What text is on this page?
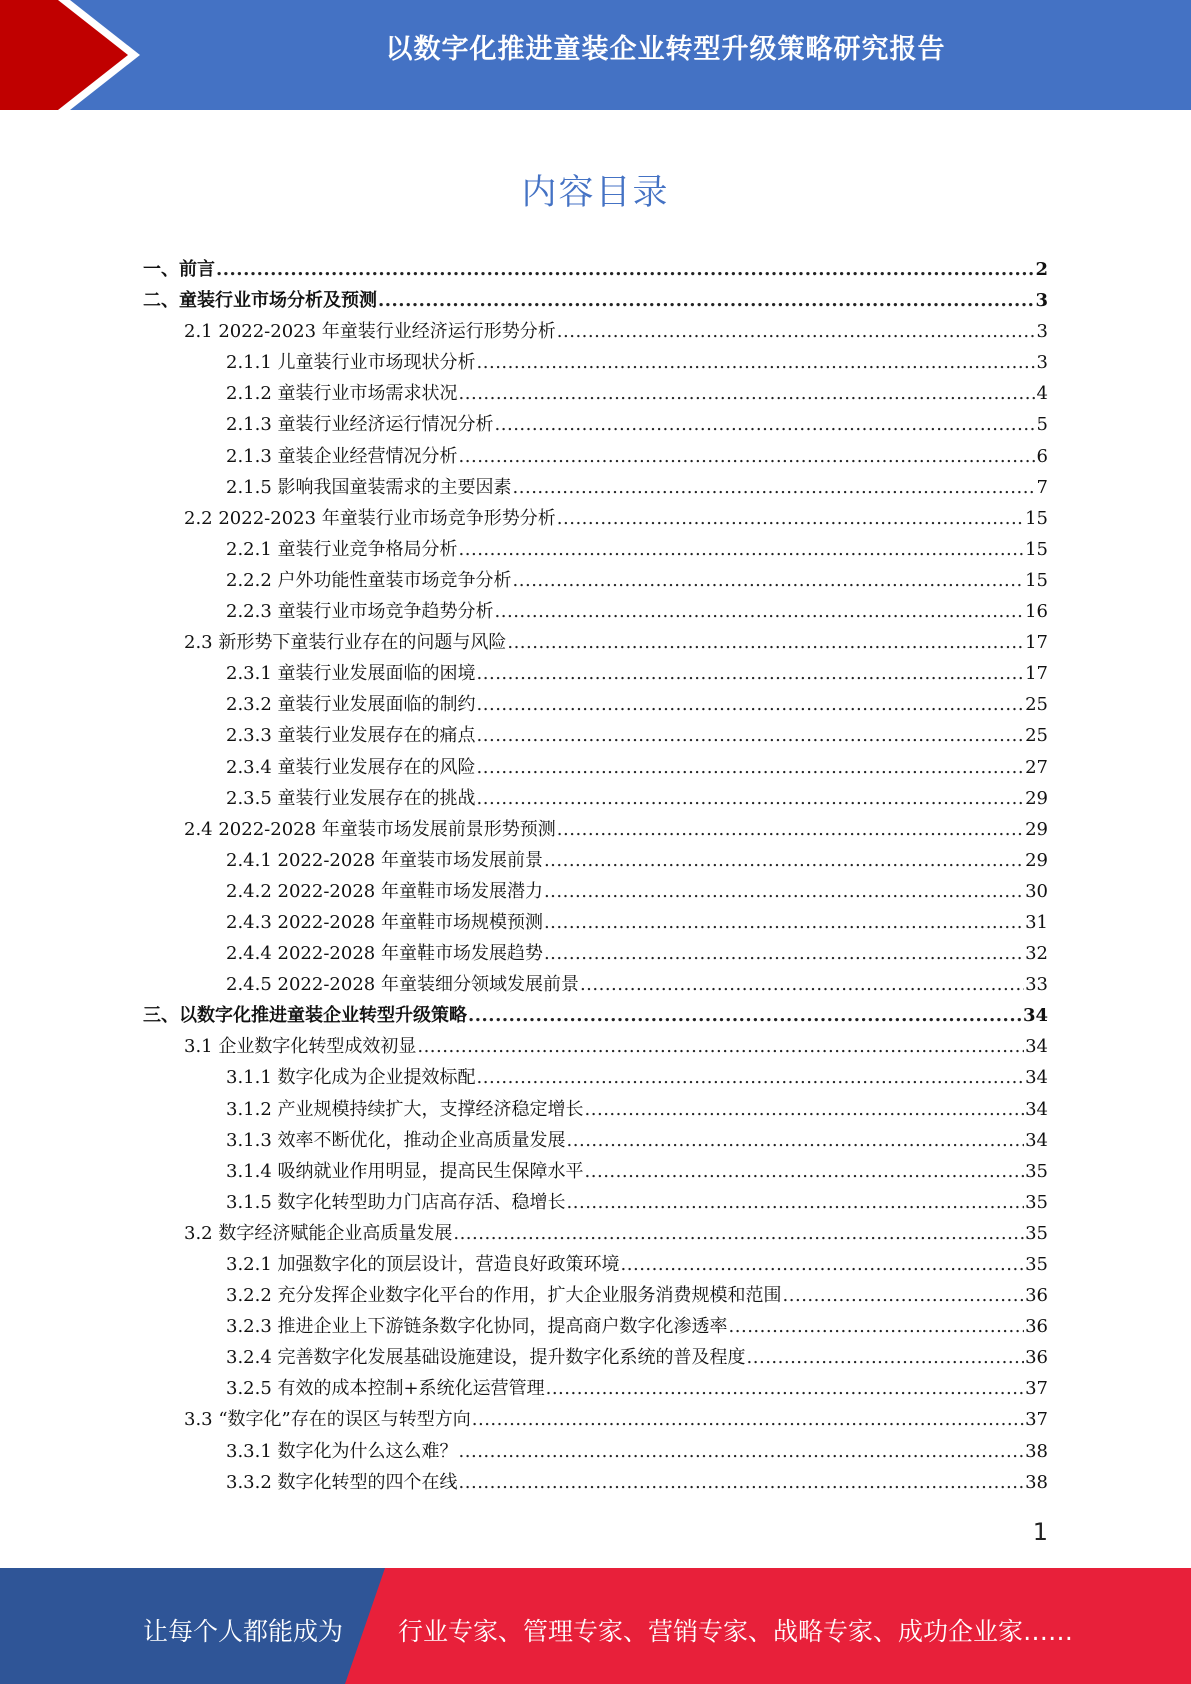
以数字化推进童装企业转型升级策略研究报告
内容目录
一、前言 .....	2
二、童装行业市场分析及预测 .....	3
2.1 2022-2023 年童装行业经济运行形势分析 .....	3
2.1.1 儿童装行业市场现状分析 .....	3
2.1.2 童装行业市场需求状况 .....	4
2.1.3 童装行业经济运行情况分析 .....	5
2.1.3 童装企业经营情况分析 .....	6
2.1.5 影响我国童装需求的主要因素 .....	7
2.2 2022-2023 年童装行业市场竞争形势分析 .....	15
2.2.1 童装行业竞争格局分析 .....	15
2.2.2 户外功能性童装市场竞争分析 .....	15
2.2.3 童装行业市场竞争趋势分析 .....	16
2.3 新形势下童装行业存在的问题与风险 .....	17
2.3.1 童装行业发展面临的困境 .....	17
2.3.2 童装行业发展面临的制约 .....	25
2.3.3 童装行业发展存在的痛点 .....	25
2.3.4 童装行业发展存在的风险 .....	27
2.3.5 童装行业发展存在的挑战 .....	29
2.4 2022-2028 年童装市场发展前景形势预测 .....	29
2.4.1 2022-2028 年童装市场发展前景 .....	29
2.4.2 2022-2028 年童鞋市场发展潜力 .....	30
2.4.3 2022-2028 年童鞋市场规模预测 .....	31
2.4.4 2022-2028 年童鞋市场发展趋势 .....	32
2.4.5 2022-2028 年童装细分领域发展前景 .....	33
三、以数字化推进童装企业转型升级策略 .....	34
3.1 企业数字化转型成效初显 .....	34
3.1.1 数字化成为企业提效标配 .....	34
3.1.2 产业规模持续扩大，支撑经济稳定增长 .....	34
3.1.3 效率不断优化，推动企业高质量发展 .....	34
3.1.4 吸纳就业作用明显，提高民生保障水平 .....	35
3.1.5 数字化转型助力门店高存活、稳增长 .....	35
3.2 数字经济赋能企业高质量发展 .....	35
3.2.1 加强数字化的顶层设计，营造良好政策环境 .....	35
3.2.2 充分发挥企业数字化平台的作用，扩大企业服务消费规模和范围 .....	36
3.2.3 推进企业上下游链条数字化协同，提高商户数字化渗透率 .....	36
3.2.4 完善数字化发展基础设施建设，提升数字化系统的普及程度 .....	36
3.2.5 有效的成本控制+系统化运营管理 .....	37
3.3 “数字化”存在的误区与转型方向 .....	37
3.3.1 数字化为什么这么难？ .....	38
3.3.2 数字化转型的四个在线 .....	38
1
让每个人都能成为 行业专家、管理专家、营销专家、战略专家、成功企业家……
